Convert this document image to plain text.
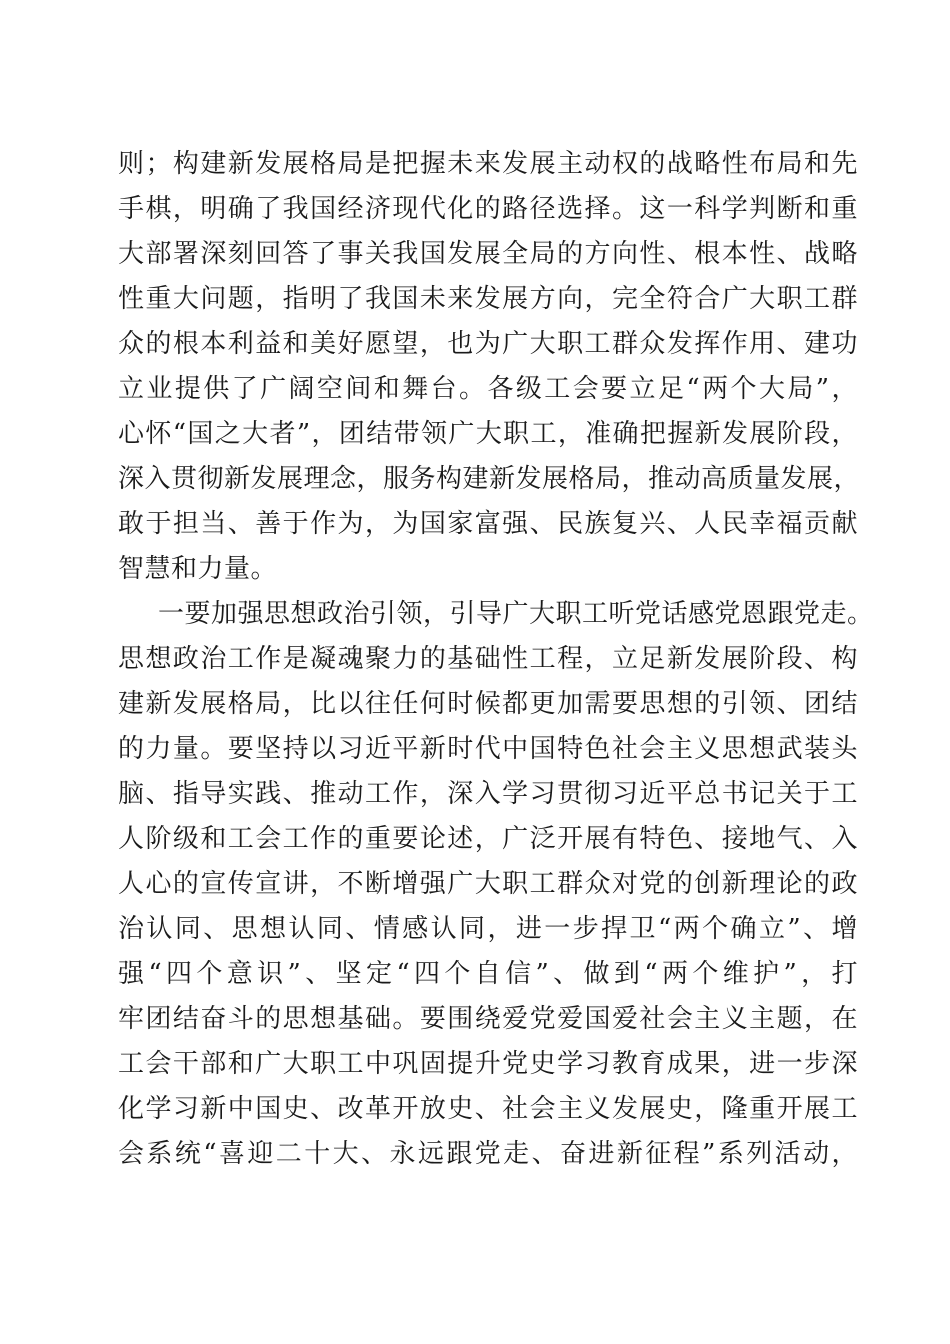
则；构建新发展格局是把握未来发展主动权的战略性布局和先
手棋，明确了我国经济现代化的路径选择。这一科学判断和重
大部署深刻回答了事关我国发展全局的方向性、根本性、战略
性重大问题，指明了我国未来发展方向，完全符合广大职工群
众的根本利益和美好愿望，也为广大职工群众发挥作用、建功
立业提供了广阔空间和舞台。各级工会要立足“两个大局”，
心怀“国之大者”，团结带领广大职工，准确把握新发展阶段，
深入贯彻新发展理念，服务构建新发展格局，推动高质量发展，
敢于担当、善于作为，为国家富强、民族复兴、人民幸福贡献
智慧和力量。
一要加强思想政治引领，引导广大职工听党话感党恩跟党走。
思想政治工作是凝魂聚力的基础性工程，立足新发展阶段、构
建新发展格局，比以往任何时候都更加需要思想的引领、团结
的力量。要坚持以习近平新时代中国特色社会主义思想武装头
脑、指导实践、推动工作，深入学习贯彻习近平总书记关于工
人阶级和工会工作的重要论述，广泛开展有特色、接地气、入
人心的宣传宣讲，不断增强广大职工群众对党的创新理论的政
治认同、思想认同、情感认同，进一步捍卫“两个确立”、增
强“四个意识”、坚定“四个自信”、做到“两个维护”，打
牢团结奋斗的思想基础。要围绕爱党爱国爱社会主义主题，在
工会干部和广大职工中巩固提升党史学习教育成果，进一步深
化学习新中国史、改革开放史、社会主义发展史，隆重开展工
会系统“喜迎二十大、永远跟党走、奋进新征程”系列活动，
